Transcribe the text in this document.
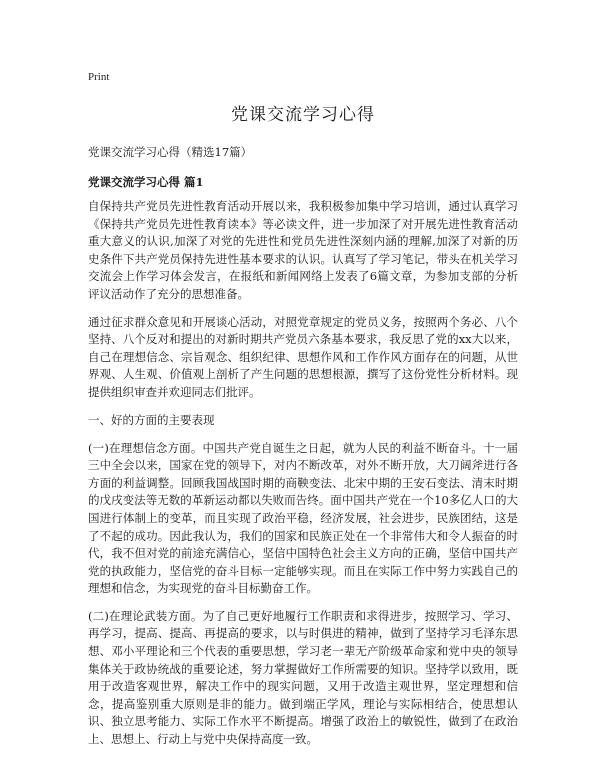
Print

党课交流学习心得

党课交流学习心得（精选17篇）

党课交流学习心得 篇1

自保持共产党员先进性教育活动开展以来，我积极参加集中学习培训，通过认真学习《保持共产党员先进性教育读本》等必读文件，进一步加深了对开展先进性教育活动重大意义的认识,加深了对党的先进性和党员先进性深刻内涵的理解,加深了对新的历史条件下共产党员保持先进性基本要求的认识。认真写了学习笔记，带头在机关学习交流会上作学习体会发言，在报纸和新闻网络上发表了6篇文章，为参加支部的分析评议活动作了充分的思想准备。

通过征求群众意见和开展谈心活动，对照党章规定的党员义务，按照两个务必、八个坚持、八个反对和提出的对新时期共产党员六条基本要求，我反思了党的xx大以来，自己在理想信念、宗旨观念、组织纪律、思想作风和工作作风方面存在的问题，从世界观、人生观、价值观上剖析了产生问题的思想根源，撰写了这份党性分析材料。现提供组织审查并欢迎同志们批评。

一、好的方面的主要表现

(一)在理想信念方面。中国共产党自诞生之日起，就为人民的利益不断奋斗。十一届三中全会以来，国家在党的领导下，对内不断改革，对外不断开放，大刀阔斧进行各方面的利益调整。回顾我国战国时期的商鞅变法、北宋中期的王安石变法、清末时期的戊戌变法等无数的革新运动都以失败而告终。面中国共产党在一个10多亿人口的大国进行体制上的变革，而且实现了政治平稳，经济发展，社会进步，民族团结，这是了不起的成功。因此我认为，我们的国家和民族正处在一个非常伟大和令人振奋的时代，我不但对党的前途充满信心，坚信中国特色社会主义方向的正确，坚信中国共产党的执政能力，坚信党的奋斗目标一定能够实现。而且在实际工作中努力实践自己的理想和信念，为实现党的奋斗目标勤奋工作。

(二)在理论武装方面。为了自己更好地履行工作职责和求得进步，按照学习、学习、再学习，提高、提高、再提高的要求，以与时俱进的精神，做到了坚持学习毛泽东思想、邓小平理论和三个代表的重要思想，学习老一辈无产阶级革命家和党中央的领导集体关于政协统战的重要论述，努力掌握做好工作所需要的知识。坚持学以致用，既用于改造客观世界，解决工作中的现实问题，又用于改造主观世界，坚定理想和信念，提高鉴别重大原则是非的能力。做到端正学风，理论与实际相结合，使思想认识、独立思考能力、实际工作水平不断提高。增强了政治上的敏锐性，做到了在政治上、思想上、行动上与党中央保持高度一致。
